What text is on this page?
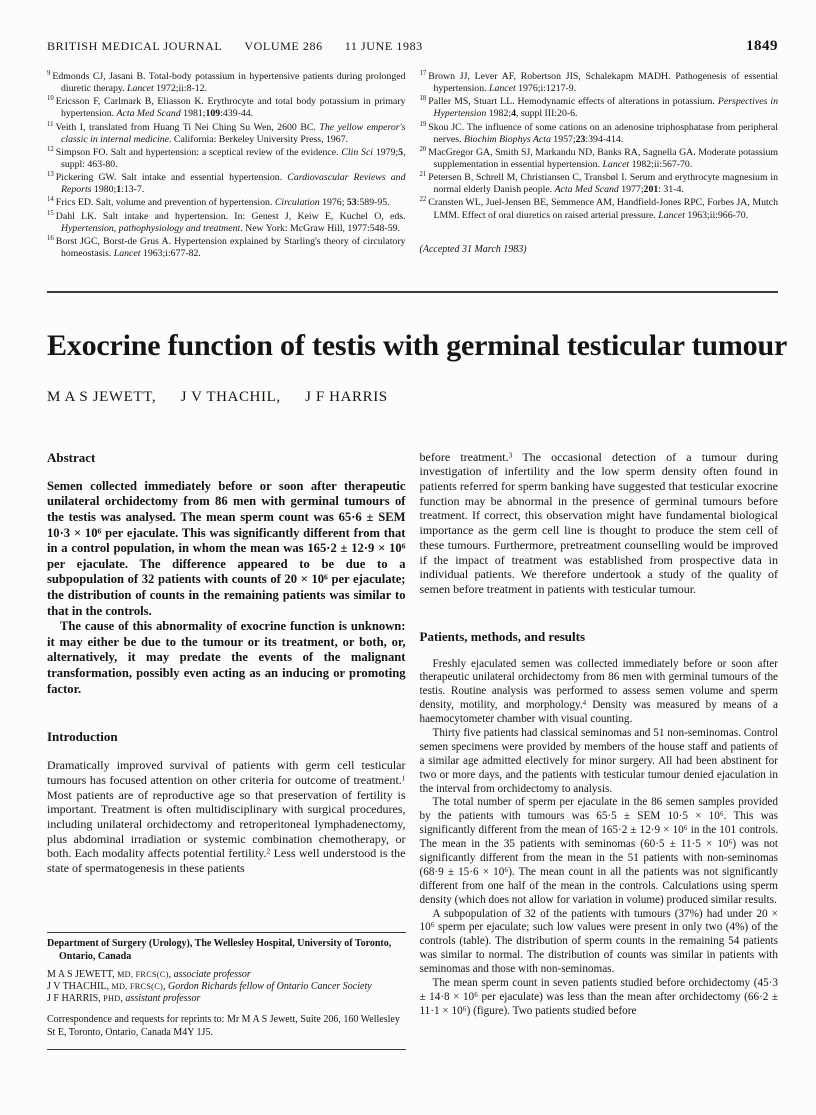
BRITISH MEDICAL JOURNAL VOLUME 286 11 JUNE 1983	1849

$^9$ Edmonds CJ, Jasani B. Total-body potassium in hypertensive patients during prolonged diuretic therapy. Lancet 1972;ii:8-12.

$^{10}$ Ericsson F, Carlmark B, Eliasson K. Erythrocyte and total body potassium in primary hypertension. Acta Med Scand 1981;109:439-44.

$^{11}$ Veith I, translated from Huang Ti Nei Ching Su Wen, 2600 BC. The yellow emperor's classic in internal medicine. California: Berkeley University Press, 1967.

$^{12}$ Simpson FO. Salt and hypertension: a sceptical review of the evidence. Clin Sci 1979;5, suppl: 463-80.

$^{13}$ Pickering GW. Salt intake and essential hypertension. Cardiovascular Reviews and Reports 1980;1:13-7.

$^{14}$ Frics ED. Salt, volume and prevention of hypertension. Circulation 1976; 53:589-95.

$^{15}$ Dahl LK. Salt intake and hypertension. In: Genest J, Keiw E, Kuchel O, eds. Hypertension, pathophysiology and treatment. New York: McGraw Hill, 1977:548-59.

$^{16}$ Borst JGC, Borst-de Grus A. Hypertension explained by Starling's theory of circulatory homeostasis. Lancet 1963;i:677-82.

$^{17}$ Brown JJ, Lever AF, Robertson JIS, Schalekapm MADH. Pathogenesis of essential hypertension. Lancet 1976;i:1217-9.

$^{18}$ Paller MS, Stuart LL. Hemodynamic effects of alterations in potassium. Perspectives in Hypertension 1982;4, suppl III:20-6.

$^{19}$ Skou JC. The influence of some cations on an adenosine triphosphatase from peripheral nerves. Biochim Biophys Acta 1957;23:394-414.

$^{20}$ MacGregor GA, Smith SJ, Markandu ND, Banks RA, Sagnella GA. Moderate potassium supplementation in essential hypertension. Lancet 1982;ii:567-70.

$^{21}$ Petersen B, Schrell M, Christiansen C, Transbøl I. Serum and erythrocyte magnesium in normal elderly Danish people. Acta Med Scand 1977;201: 31-4.

$^{22}$ Cransten WL, Juel-Jensen BE, Semmence AM, Handfield-Jones RPC, Forbes JA, Mutch LMM. Effect of oral diuretics on raised arterial pressure. Lancet 1963;ii:966-70.

(Accepted 31 March 1983)

Exocrine function of testis with germinal testicular tumour
M A S JEWETT, J V THACHIL, J F HARRIS
Abstract

Semen collected immediately before or soon after therapeutic unilateral orchidectomy from 86 men with germinal tumours of the testis was analysed. The mean sperm count was 65·6 ± SEM 10·3 × 10⁶ per ejaculate. This was significantly different from that in a control population, in whom the mean was 165·2 ± 12·9 × 10⁶ per ejaculate. The difference appeared to be due to a subpopulation of 32 patients with counts of 20 × 10⁶ per ejaculate; the distribution of counts in the remaining patients was similar to that in the controls.

The cause of this abnormality of exocrine function is unknown: it may either be due to the tumour or its treatment, or both, or, alternatively, it may predate the events of the malignant transformation, possibly even acting as an inducing or promoting factor.

Introduction

Dramatically improved survival of patients with germ cell testicular tumours has focused attention on other criteria for outcome of treatment.$^1$ Most patients are of reproductive age so that preservation of fertility is important. Treatment is often multidisciplinary with surgical procedures, including unilateral orchidectomy and retroperitoneal lymphadenectomy, plus abdominal irradiation or systemic combination chemotherapy, or both. Each modality affects potential fertility.$^2$ Less well understood is the state of spermatogenesis in these patients

Department of Surgery (Urology), The Wellesley Hospital, University of Toronto, Ontario, Canada

M A S JEWETT, MD, FRCS(C), associate professor

J V THACHIL, MD, FRCS(C), Gordon Richards fellow of Ontario Cancer Society

J F HARRIS, PHD, assistant professor

Correspondence and requests for reprints to: Mr M A S Jewett, Suite 206, 160 Wellesley St E, Toronto, Ontario, Canada M4Y 1J5.

before treatment.$^3$ The occasional detection of a tumour during investigation of infertility and the low sperm density often found in patients referred for sperm banking have suggested that testicular exocrine function may be abnormal in the presence of germinal tumours before treatment. If correct, this observation might have fundamental biological importance as the germ cell line is thought to produce the stem cell of these tumours. Furthermore, pretreatment counselling would be improved if the impact of treatment was established from prospective data in individual patients. We therefore undertook a study of the quality of semen before treatment in patients with testicular tumour.

Patients, methods, and results

Freshly ejaculated semen was collected immediately before or soon after therapeutic unilateral orchidectomy from 86 men with germinal tumours of the testis. Routine analysis was performed to assess semen volume and sperm density, motility, and morphology.$^4$ Density was measured by means of a haemocytometer chamber with visual counting.

Thirty five patients had classical seminomas and 51 non-seminomas. Control semen specimens were provided by members of the house staff and patients of a similar age admitted electively for minor surgery. All had been abstinent for two or more days, and the patients with testicular tumour denied ejaculation in the interval from orchidectomy to analysis.

The total number of sperm per ejaculate in the 86 semen samples provided by the patients with tumours was 65·5 ± SEM 10·5 × 10⁶. This was significantly different from the mean of 165·2 ± 12·9 × 10⁶ in the 101 controls. The mean in the 35 patients with seminomas (60·5 ± 11·5 × 10⁶) was not significantly different from the mean in the 51 patients with non-seminomas (68·9 ± 15·6 × 10⁶). The mean count in all the patients was not significantly different from one half of the mean in the controls. Calculations using sperm density (which does not allow for variation in volume) produced similar results.

A subpopulation of 32 of the patients with tumours (37%) had under 20 × 10⁶ sperm per ejaculate; such low values were present in only two (4%) of the controls (table). The distribution of sperm counts in the remaining 54 patients was similar to normal. The distribution of counts was similar in patients with seminomas and those with non-seminomas.

The mean sperm count in seven patients studied before orchidectomy (45·3 ± 14·8 × 10⁶ per ejaculate) was less than the mean after orchidectomy (66·2 ± 11·1 × 10⁶) (figure). Two patients studied before
